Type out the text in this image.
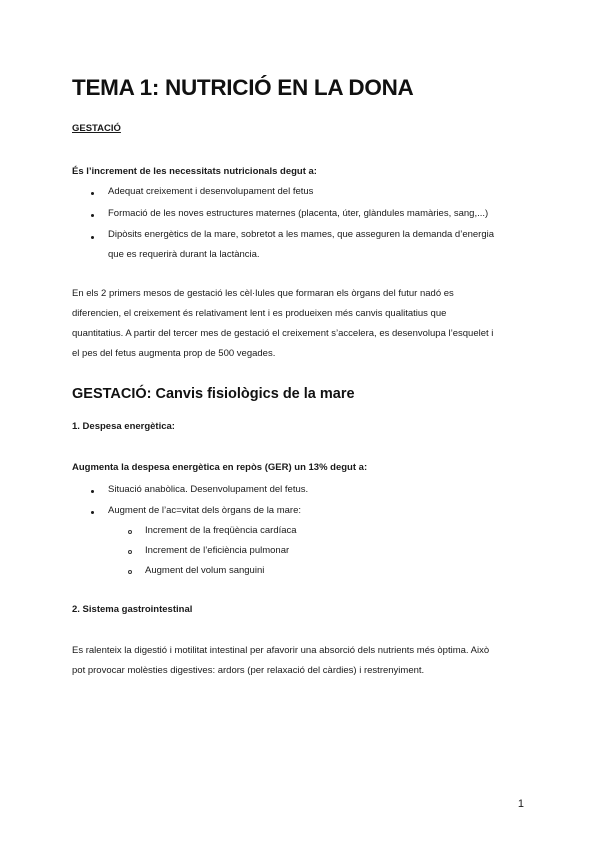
TEMA 1: NUTRICIÓ EN LA DONA
GESTACIÓ
És l’increment de les necessitats nutricionals degut a:
Adequat creixement i desenvolupament del fetus
Formació de les noves estructures maternes (placenta, úter, glàndules mamàries, sang,...)
Dipòsits energètics de la mare, sobretot a les mames, que asseguren la demanda d’energia
que es requerirà durant la lactància.
En els 2 primers mesos de gestació les cèl·lules que formaran els òrgans del futur nadó es
diferencien, el creixement és relativament lent i es produeixen més canvis qualitatius que
quantitatius. A partir del tercer mes de gestació el creixement s’accelera, es desenvolupa l’esquelet i
el pes del fetus augmenta prop de 500 vegades.
GESTACIÓ: Canvis fisiològics de la mare
1. Despesa energètica:
Augmenta la despesa energètica en repòs (GER) un 13% degut a:
Situació anabòlica. Desenvolupament del fetus.
Augment de l’ac=vitat dels òrgans de la mare:
Increment de la freqüència cardíaca
Increment de l’eficiència pulmonar
Augment del volum sanguini
2. Sistema gastrointestinal
Es ralenteix la digestió i motilitat intestinal per afavorir una absorció dels nutrients més òptima. Això
pot provocar molèsties digestives: ardors (per relaxació del càrdies) i restrenyiment.
1
